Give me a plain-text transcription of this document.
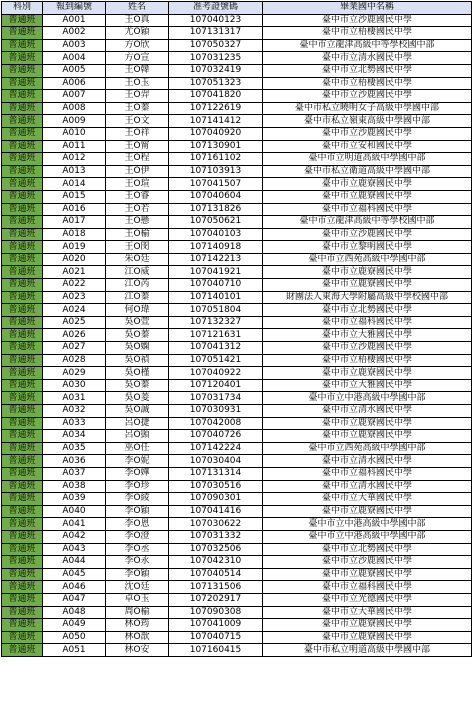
科別	報到編號	姓名	准考證號碼	畢業國中名稱
普通班	A001	王O真	107040123	臺中市立沙鹿國民中學
普通班	A002	尤O穎	107131317	臺中市立梧棲國民中學
普通班	A003	方O欣	107050327	臺中市立龍津高級中等學校國中部
普通班	A004	方O宣	107031235	臺中市立清水國民中學
普通班	A005	王O韓	107032419	臺中市立北勢國民中學
普通班	A006	王O玉	107051323	臺中市立梧棲國民中學
普通班	A007	王O羿	107041820	臺中市立沙鹿國民中學
普通班	A008	王O蓁	107122619	臺中市私立曉明女子高級中學國中部
普通班	A009	王O文	107141412	臺中市私立嶺東高級中學國中部
普通班	A010	王O祥	107040920	臺中市立沙鹿國民中學
普通班	A011	王O甯	107130901	臺中市立安和國民中學
普通班	A012	王O程	107161102	臺中市立明道高級中學國中部
普通班	A013	王O伊	107103913	臺中市私立衛道高級中學國中部
普通班	A014	王O瑄	107041507	臺中市立鹿寮國民中學
普通班	A015	王O睿	107040604	臺中市立鹿寮國民中學
普通班	A016	王O若	107131826	臺中市立福科國民中學
普通班	A017	王O懸	107050621	臺中市立龍津高級中等學校國中部
普通班	A018	王O榆	107040103	臺中市立沙鹿國民中學
普通班	A019	王O閔	107140918	臺中市立黎明國民中學
普通班	A020	朱O廷	107142213	臺中市立西苑高級中學國中部
普通班	A021	江O威	107041921	臺中市立鹿寮國民中學
普通班	A022	江O芮	107040710	臺中市立鹿寮國民中學
普通班	A023	江O蓁	107140101	財團法人東海大學附屬高級中學校國中部
普通班	A024	何O瑋	107051804	臺中市立北勢國民中學
普通班	A025	吳O萱	107132327	臺中市立福科國民中學
普通班	A026	吳O蓁	107121631	臺中市立大雅國民中學
普通班	A027	吳O嫻	107041312	臺中市立沙鹿國民中學
普通班	A028	吳O禎	107051421	臺中市立梧棲國民中學
普通班	A029	吳O槿	107040922	臺中市立鹿寮國民中學
普通班	A030	吳O蓁	107120401	臺中市立大雅國民中學
普通班	A031	吳O菱	107031734	臺中市立中港高級中學國中部
普通班	A032	吳O誠	107030931	臺中市立清水國民中學
普通班	A033	呂O捷	107042008	臺中市立鹿寮國民中學
普通班	A034	呂O顗	107040726	臺中市立鹿寮國民中學
普通班	A035	巫O任	107142224	臺中市立西苑高級中學國中部
普通班	A036	李O妮	107030404	臺中市立清水國民中學
普通班	A037	李O嬅	107131314	臺中市立福科國民中學
普通班	A038	李O珍	107030516	臺中市立清水國民中學
普通班	A039	李O綾	107090301	臺中市立大華國民中學
普通班	A040	李O穎	107041416	臺中市立鹿寮國民中學
普通班	A041	李O恩	107030622	臺中市立中港高級中學國中部
普通班	A042	李O澄	107031332	臺中市立中港高級中學國中部
普通班	A043	李O丞	107032506	臺中市立北勢國民中學
普通班	A044	李O永	107042310	臺中市立沙鹿國民中學
普通班	A045	李O穎	107040514	臺中市立鹿寮國民中學
普通班	A046	沈O廷	107131506	臺中市立福科國民中學
普通班	A047	卓O玉	107202917	臺中市立光德國民中學
普通班	A048	周O榆	107090308	臺中市立大華國民中學
普通班	A049	林O筠	107041009	臺中市立鹿寮國民中學
普通班	A050	林O歆	107040715	臺中市立鹿寮國民中學
普通班	A051	林O安	107160415	臺中市私立明道高級中學國中部
